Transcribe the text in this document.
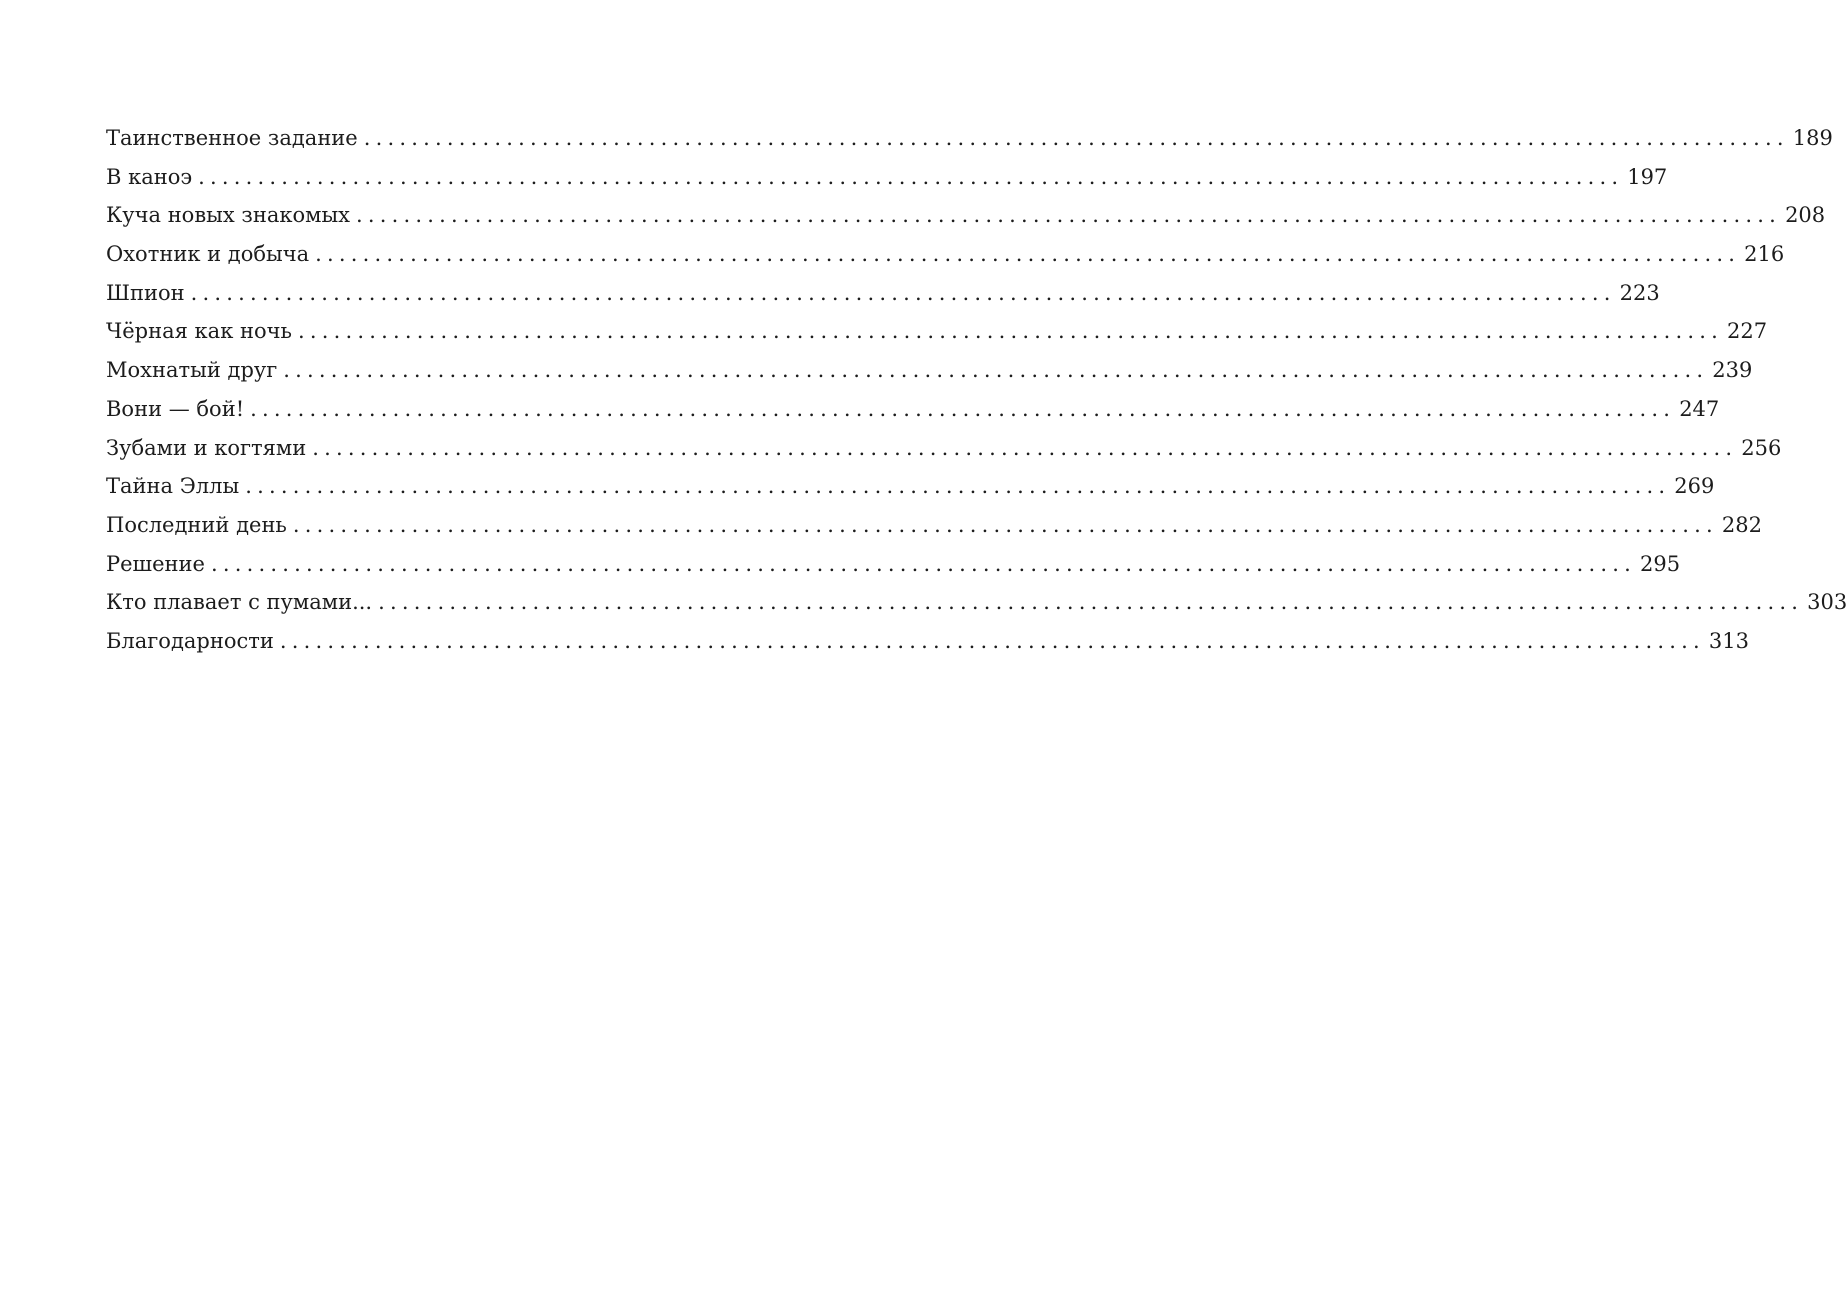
Таинственное задание ........................................................................................................................ 189
В каноэ ........................................................................................................................ 197
Куча новых знакомых ........................................................................................................................ 208
Охотник и добыча ........................................................................................................................ 216
Шпион ........................................................................................................................ 223
Чёрная как ночь ........................................................................................................................ 227
Мохнатый друг ........................................................................................................................ 239
Вони — бой! ........................................................................................................................ 247
Зубами и когтями ........................................................................................................................ 256
Тайна Эллы ........................................................................................................................ 269
Последний день ........................................................................................................................ 282
Решение ........................................................................................................................ 295
Кто плавает с пумами... ........................................................................................................................ 303
Благодарности ........................................................................................................................ 313
